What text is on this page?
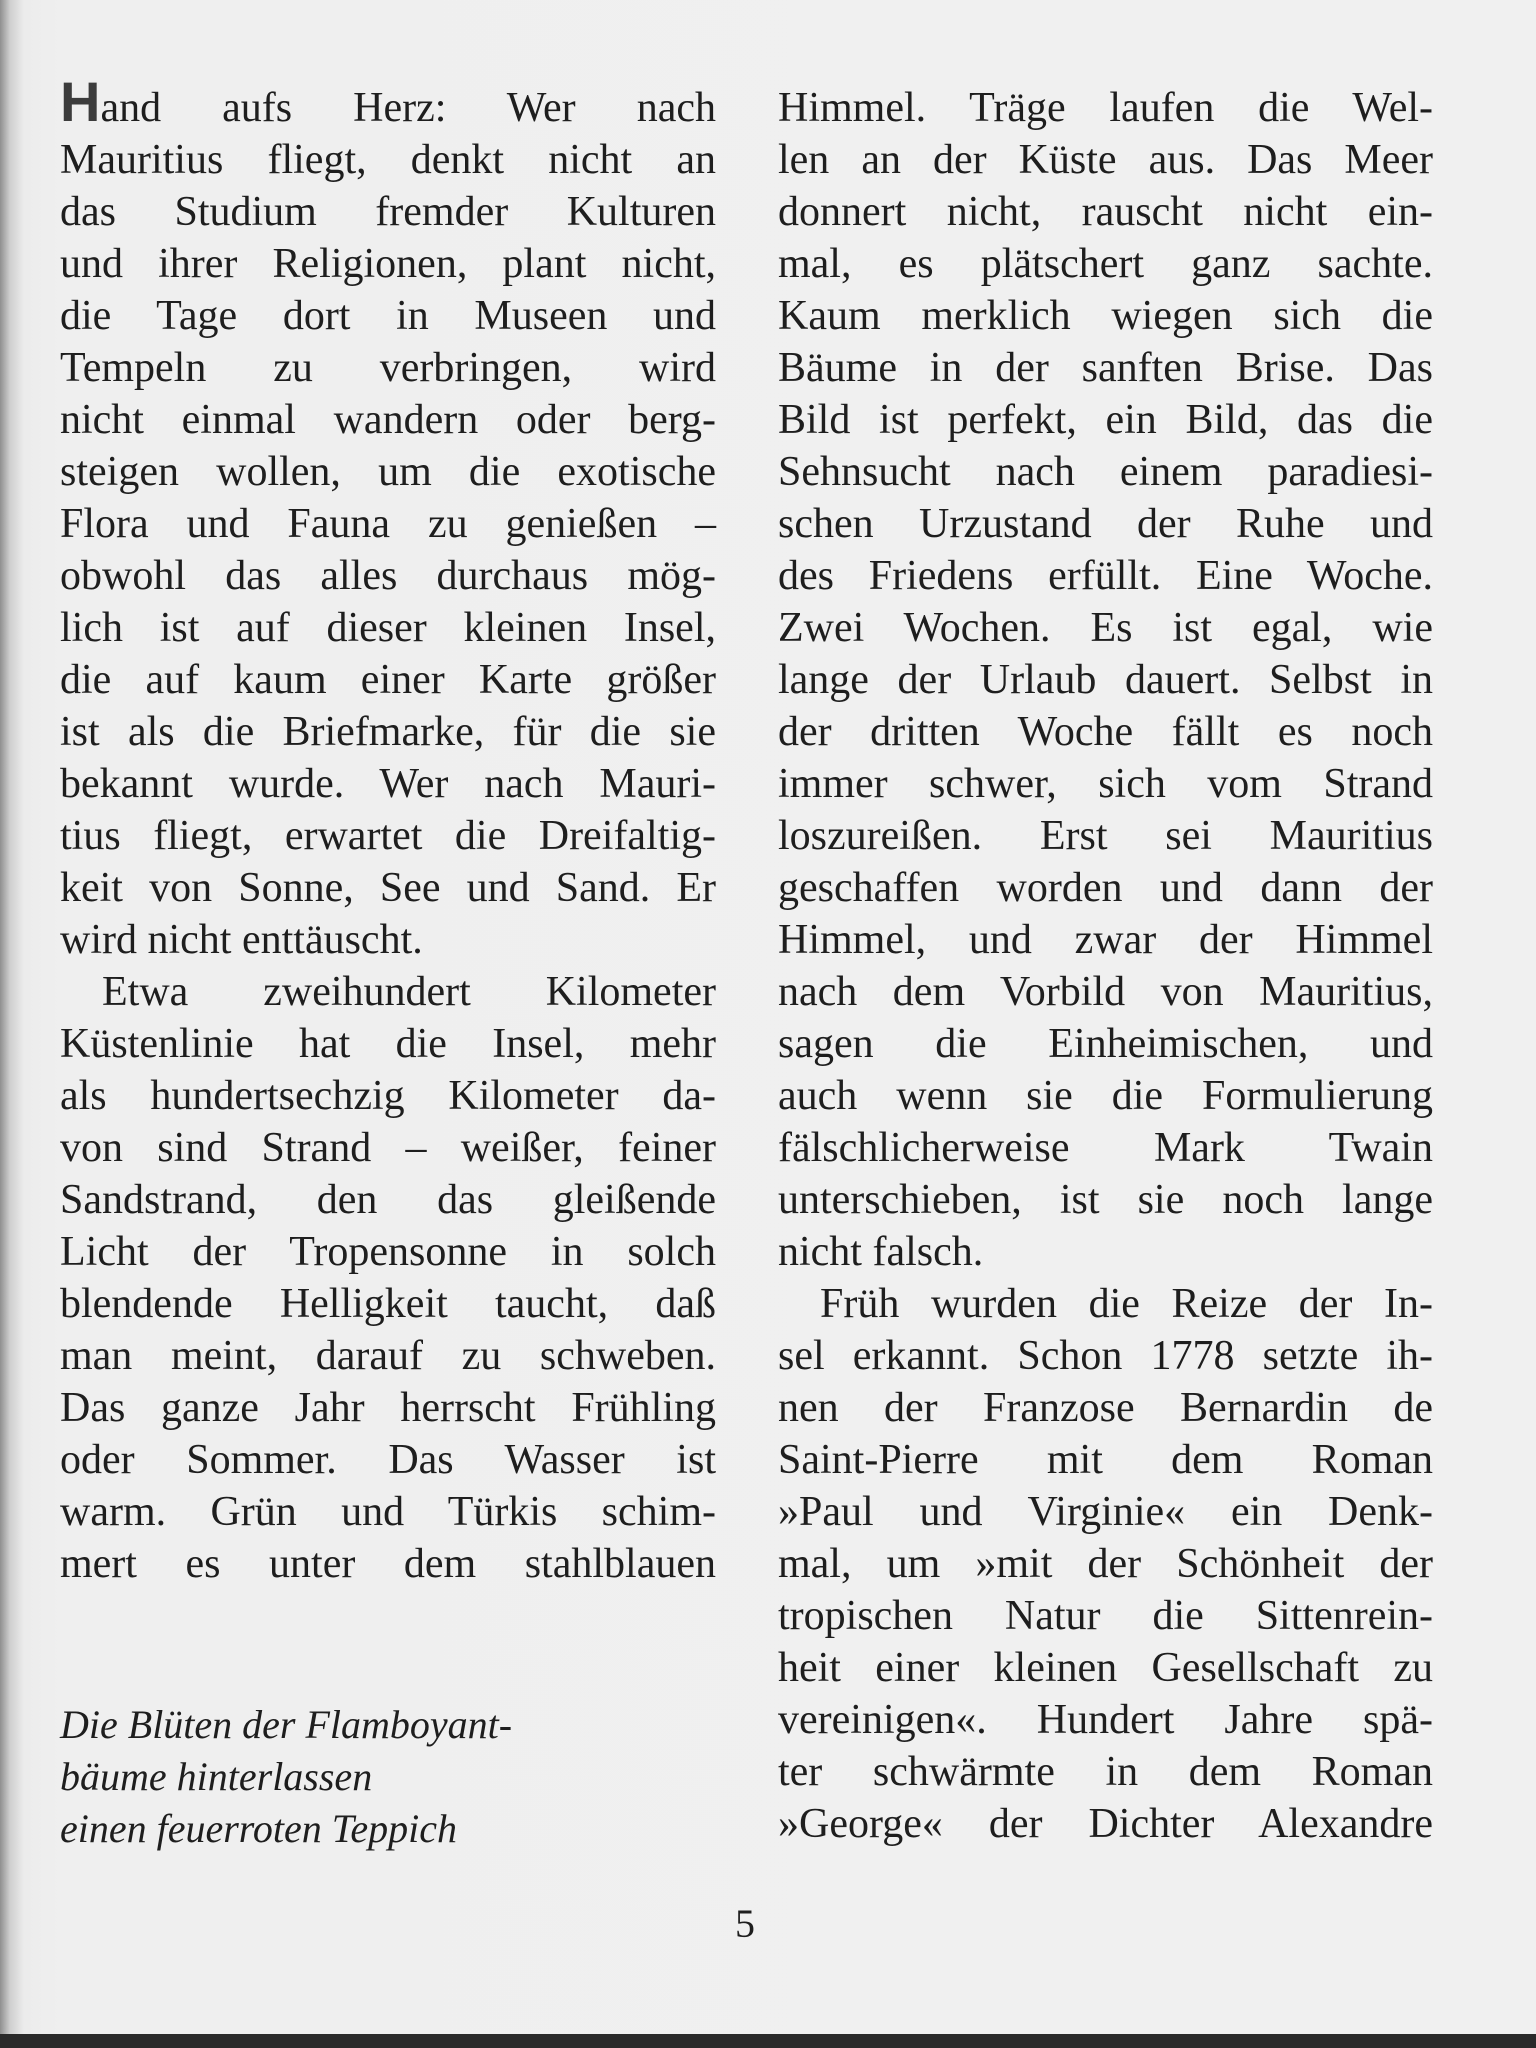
Hand aufs Herz: Wer nach
Mauritius fliegt, denkt nicht an
das Studium fremder Kulturen
und ihrer Religionen, plant nicht,
die Tage dort in Museen und
Tempeln zu verbringen, wird
nicht einmal wandern oder berg-
steigen wollen, um die exotische
Flora und Fauna zu genießen –
obwohl das alles durchaus mög-
lich ist auf dieser kleinen Insel,
die auf kaum einer Karte größer
ist als die Briefmarke, für die sie
bekannt wurde. Wer nach Mauri-
tius fliegt, erwartet die Dreifaltig-
keit von Sonne, See und Sand. Er
wird nicht enttäuscht.
Etwa zweihundert Kilometer
Küstenlinie hat die Insel, mehr
als hundertsechzig Kilometer da-
von sind Strand – weißer, feiner
Sandstrand, den das gleißende
Licht der Tropensonne in solch
blendende Helligkeit taucht, daß
man meint, darauf zu schweben.
Das ganze Jahr herrscht Frühling
oder Sommer. Das Wasser ist
warm. Grün und Türkis schim-
mert es unter dem stahlblauen
Himmel. Träge laufen die Wel-
len an der Küste aus. Das Meer
donnert nicht, rauscht nicht ein-
mal, es plätschert ganz sachte.
Kaum merklich wiegen sich die
Bäume in der sanften Brise. Das
Bild ist perfekt, ein Bild, das die
Sehnsucht nach einem paradiesi-
schen Urzustand der Ruhe und
des Friedens erfüllt. Eine Woche.
Zwei Wochen. Es ist egal, wie
lange der Urlaub dauert. Selbst in
der dritten Woche fällt es noch
immer schwer, sich vom Strand
loszureißen. Erst sei Mauritius
geschaffen worden und dann der
Himmel, und zwar der Himmel
nach dem Vorbild von Mauritius,
sagen die Einheimischen, und
auch wenn sie die Formulierung
fälschlicherweise Mark Twain
unterschieben, ist sie noch lange
nicht falsch.
Früh wurden die Reize der In-
sel erkannt. Schon 1778 setzte ih-
nen der Franzose Bernardin de
Saint-Pierre mit dem Roman
»Paul und Virginie« ein Denk-
mal, um »mit der Schönheit der
tropischen Natur die Sittenrein-
heit einer kleinen Gesellschaft zu
vereinigen«. Hundert Jahre spä-
ter schwärmte in dem Roman
»George« der Dichter Alexandre
Die Blüten der Flamboyant-
bäume hinterlassen
einen feuerroten Teppich
5
